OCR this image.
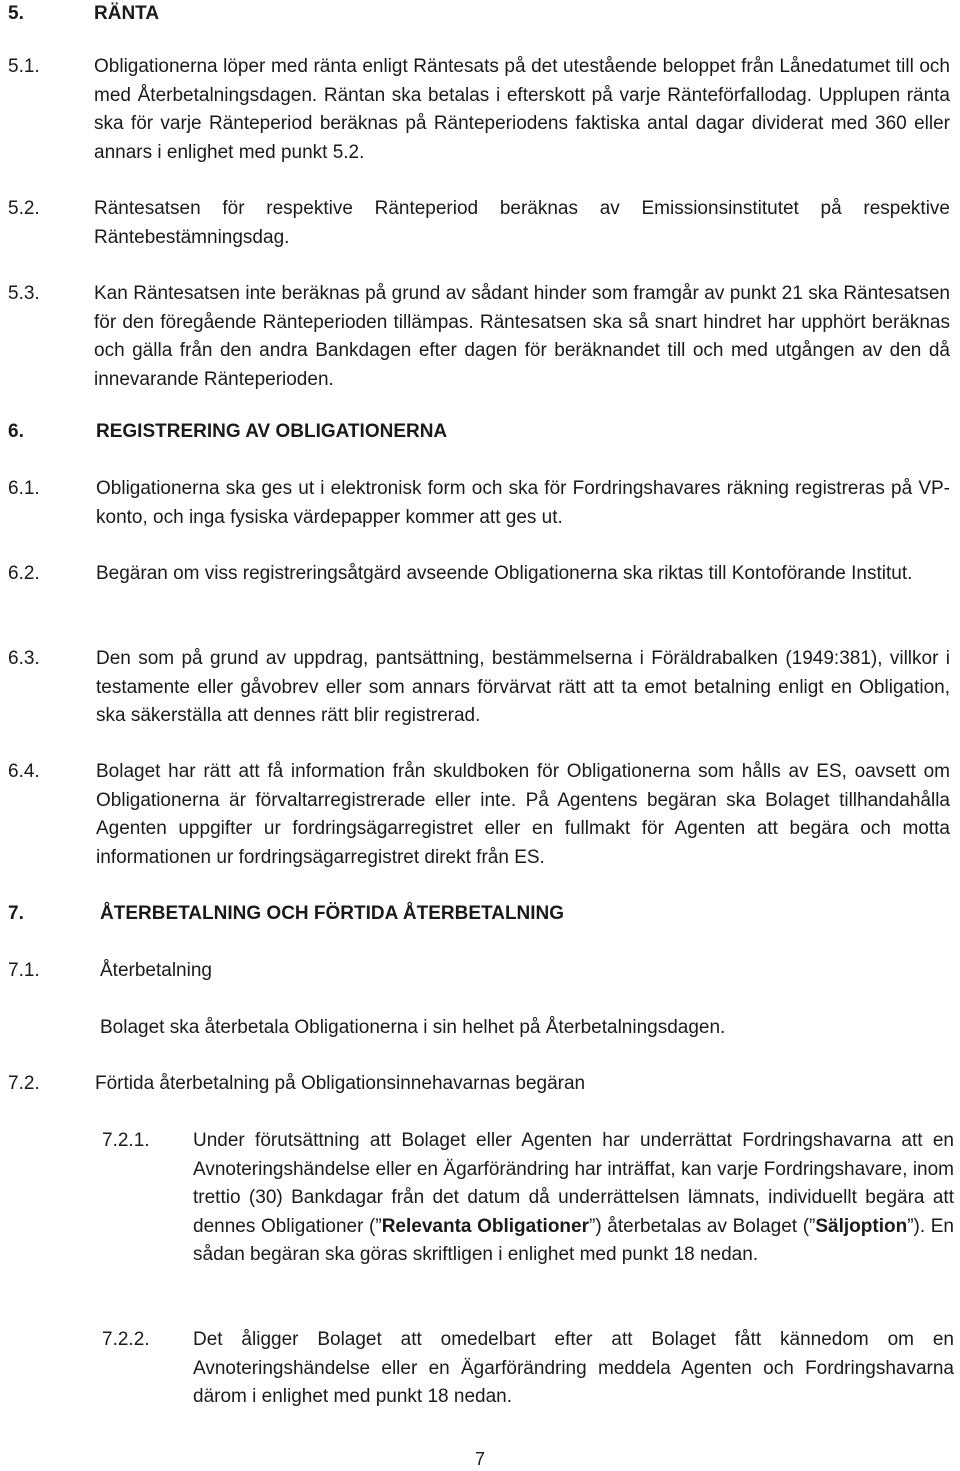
5.	RÄNTA
5.1.	Obligationerna löper med ränta enligt Räntesats på det utestående beloppet från Lånedatumet till och med Återbetalningsdagen. Räntan ska betalas i efterskott på varje Ränteförfallodag. Upplupen ränta ska för varje Ränteperiod beräknas på Ränteperiodens faktiska antal dagar dividerat med 360 eller annars i enlighet med punkt 5.2.
5.2.	Räntesatsen för respektive Ränteperiod beräknas av Emissionsinstitutet på respektive Räntebestämningsdag.
5.3.	Kan Räntesatsen inte beräknas på grund av sådant hinder som framgår av punkt 21 ska Räntesatsen för den föregående Ränteperioden tillämpas. Räntesatsen ska så snart hindret har upphört beräknas och gälla från den andra Bankdagen efter dagen för beräknandet till och med utgången av den då innevarande Ränteperioden.
6.	REGISTRERING AV OBLIGATIONERNA
6.1.	Obligationerna ska ges ut i elektronisk form och ska för Fordringshavares räkning registreras på VP-konto, och inga fysiska värdepapper kommer att ges ut.
6.2.	Begäran om viss registreringsåtgärd avseende Obligationerna ska riktas till Kontoförande Institut.
6.3.	Den som på grund av uppdrag, pantsättning, bestämmelserna i Föräldrabalken (1949:381), villkor i testamente eller gåvobrev eller som annars förvärvat rätt att ta emot betalning enligt en Obligation, ska säkerställa att dennes rätt blir registrerad.
6.4.	Bolaget har rätt att få information från skuldboken för Obligationerna som hålls av ES, oavsett om Obligationerna är förvaltarregistrerade eller inte. På Agentens begäran ska Bolaget tillhandahålla Agenten uppgifter ur fordringsägarregistret eller en fullmakt för Agenten att begära och motta informationen ur fordringsägarregistret direkt från ES.
7.	ÅTERBETALNING OCH FÖRTIDA ÅTERBETALNING
7.1.	Återbetalning
Bolaget ska återbetala Obligationerna i sin helhet på Återbetalningsdagen.
7.2.	Förtida återbetalning på Obligationsinnehavarnas begäran
7.2.1. Under förutsättning att Bolaget eller Agenten har underrättat Fordringshavarna att en Avnoteringshändelse eller en Ägarförändring har inträffat, kan varje Fordringshavare, inom trettio (30) Bankdagar från det datum då underrättelsen lämnats, individuellt begära att dennes Obligationer (”Relevanta Obligationer”) återbetalas av Bolaget (”Säljoption”). En sådan begäran ska göras skriftligen i enlighet med punkt 18 nedan.
7.2.2. Det åligger Bolaget att omedelbart efter att Bolaget fått kännedom om en Avnoteringshändelse eller en Ägarförändring meddela Agenten och Fordringshavarna därom i enlighet med punkt 18 nedan.
7
